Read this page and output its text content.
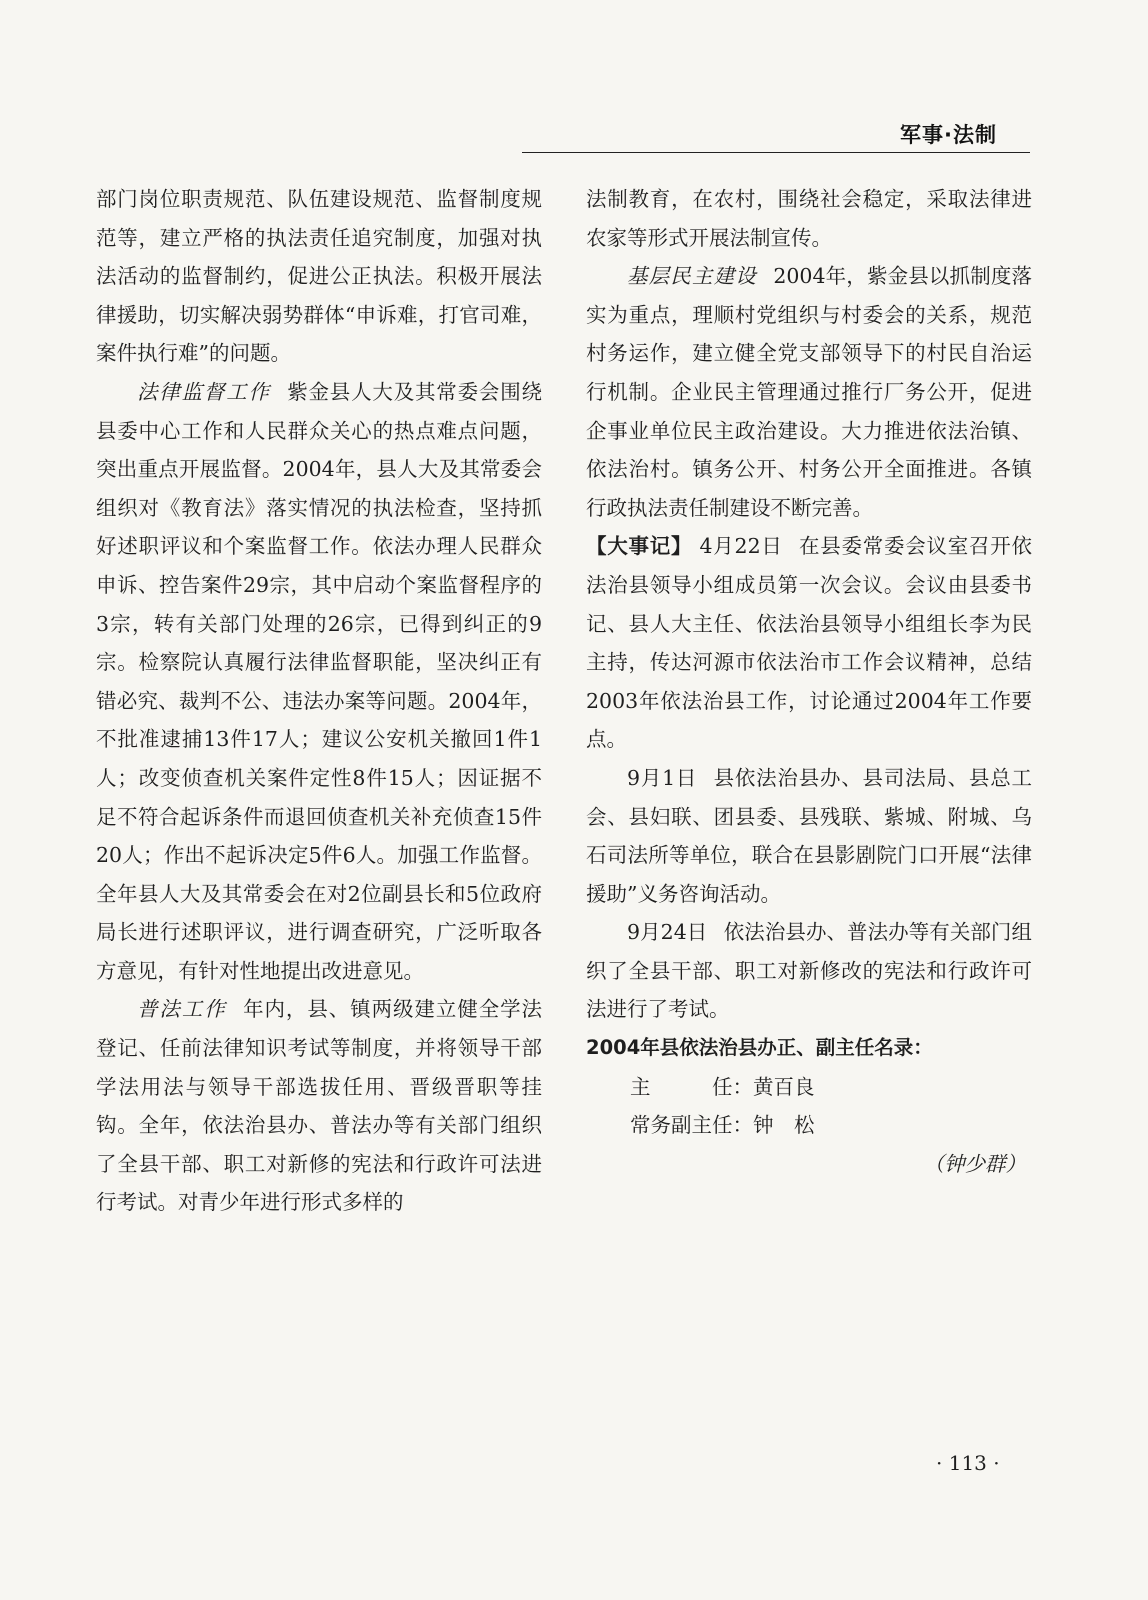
军事·法制

部门岗位职责规范、队伍建设规范、监督制度规范等，建立严格的执法责任追究制度，加强对执法活动的监督制约，促进公正执法。积极开展法律援助，切实解决弱势群体“申诉难，打官司难，案件执行难”的问题。

法律监督工作 紫金县人大及其常委会围绕县委中心工作和人民群众关心的热点难点问题，突出重点开展监督。2004年，县人大及其常委会组织对《教育法》落实情况的执法检查，坚持抓好述职评议和个案监督工作。依法办理人民群众申诉、控告案件29宗，其中启动个案监督程序的3宗，转有关部门处理的26宗，已得到纠正的9宗。检察院认真履行法律监督职能，坚决纠正有错必究、裁判不公、违法办案等问题。2004年，不批准逮捕13件17人；建议公安机关撤回1件1人；改变侦查机关案件定性8件15人；因证据不足不符合起诉条件而退回侦查机关补充侦查15件20人；作出不起诉决定5件6人。加强工作监督。全年县人大及其常委会在对2位副县长和5位政府局长进行述职评议，进行调查研究，广泛听取各方意见，有针对性地提出改进意见。

普法工作 年内，县、镇两级建立健全学法登记、任前法律知识考试等制度，并将领导干部学法用法与领导干部选拔任用、晋级晋职等挂钩。全年，依法治县办、普法办等有关部门组织了全县干部、职工对新修的宪法和行政许可法进行考试。对青少年进行形式多样的

法制教育，在农村，围绕社会稳定，采取法律进农家等形式开展法制宣传。

基层民主建设 2004年，紫金县以抓制度落实为重点，理顺村党组织与村委会的关系，规范村务运作，建立健全党支部领导下的村民自治运行机制。企业民主管理通过推行厂务公开，促进企事业单位民主政治建设。大力推进依法治镇、依法治村。镇务公开、村务公开全面推进。各镇行政执法责任制建设不断完善。

【大事记】 4月22日 在县委常委会议室召开依法治县领导小组成员第一次会议。会议由县委书记、县人大主任、依法治县领导小组组长李为民主持，传达河源市依法治市工作会议精神，总结2003年依法治县工作，讨论通过2004年工作要点。

9月1日 县依法治县办、县司法局、县总工会、县妇联、团县委、县残联、紫城、附城、乌石司法所等单位，联合在县影剧院门口开展“法律援助”义务咨询活动。

9月24日 依法治县办、普法办等有关部门组织了全县干部、职工对新修改的宪法和行政许可法进行了考试。

2004年县依法治县办正、副主任名录：

主　　　任：黄百良

常务副主任：钟　松

（钟少群）

· 113 ·
